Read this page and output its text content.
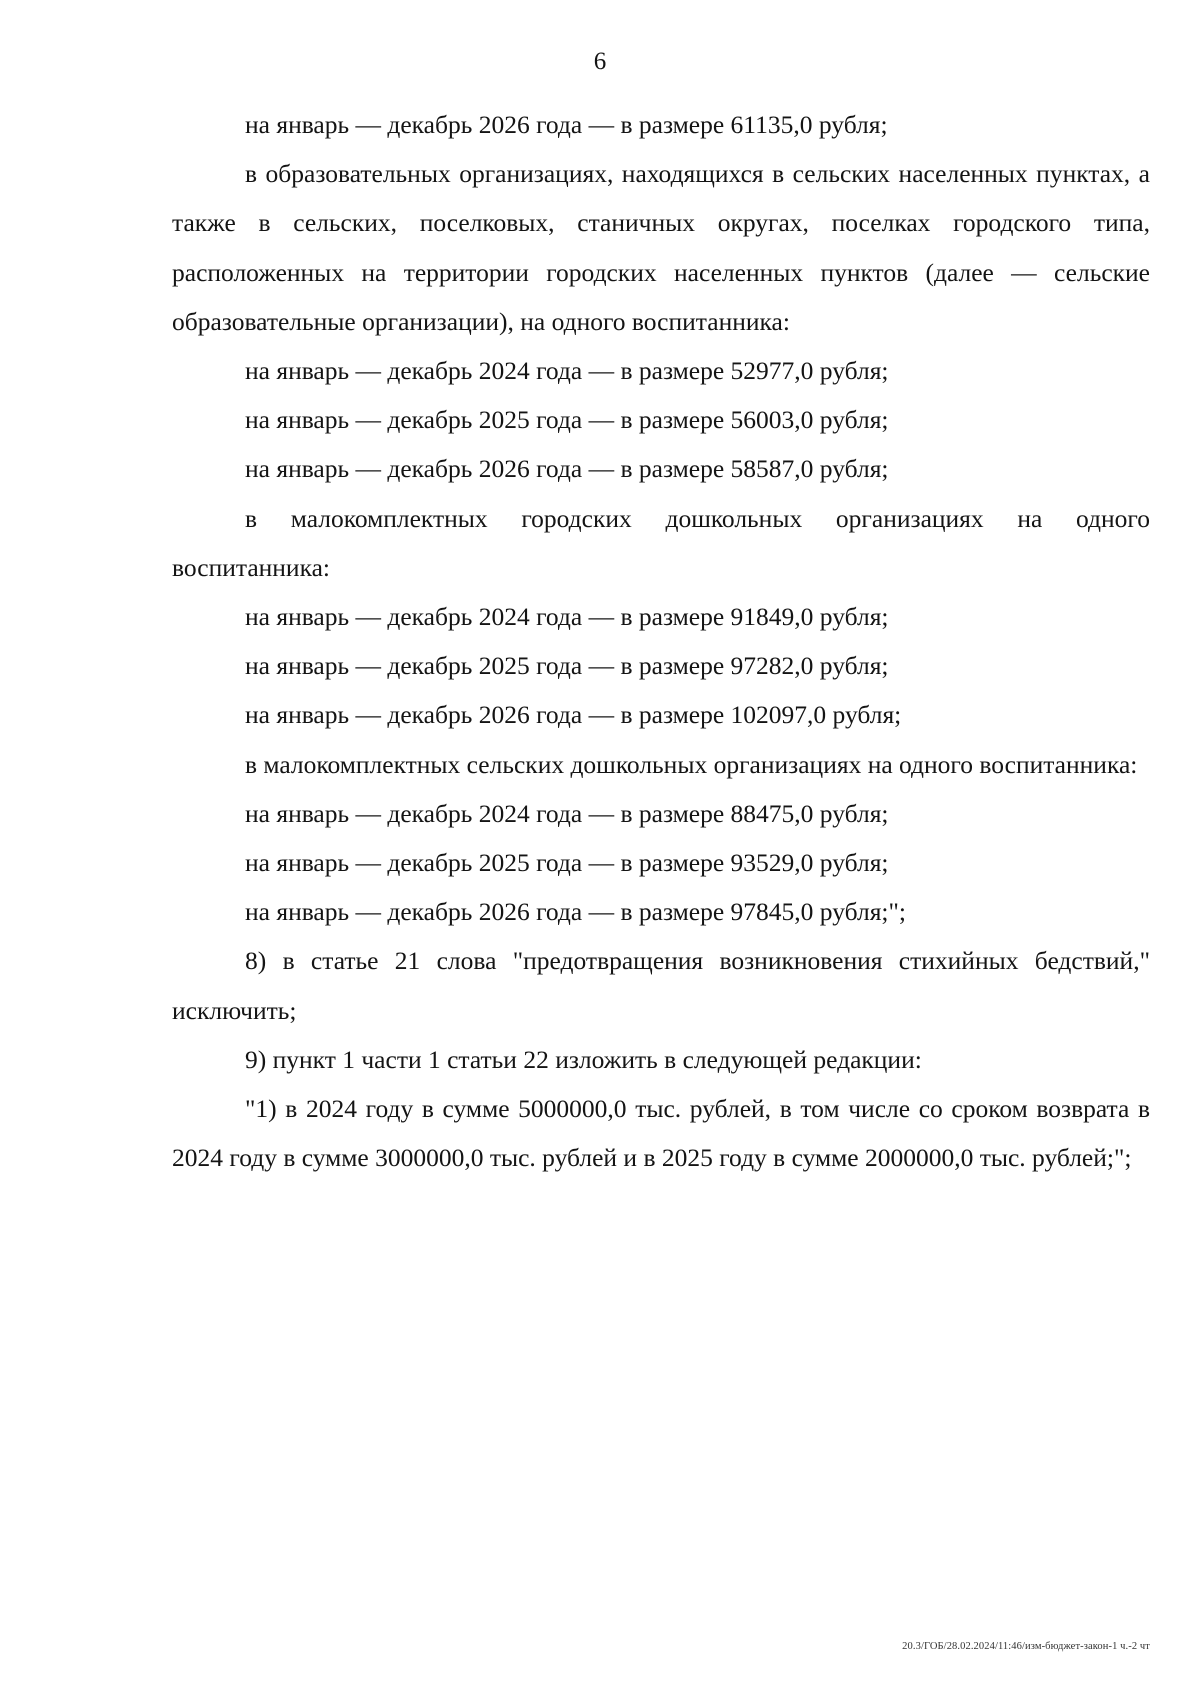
6

на январь — декабрь 2026 года — в размере 61135,0 рубля;

в образовательных организациях, находящихся в сельских населенных пунктах, а также в сельских, поселковых, станичных округах, поселках городского типа, расположенных на территории городских населенных пунктов (далее — сельские образовательные организации), на одного воспитанника:

на январь — декабрь 2024 года — в размере 52977,0 рубля;

на январь — декабрь 2025 года — в размере 56003,0 рубля;

на январь — декабрь 2026 года — в размере 58587,0 рубля;

в малокомплектных городских дошкольных организациях на одного воспитанника:

на январь — декабрь 2024 года — в размере 91849,0 рубля;

на январь — декабрь 2025 года — в размере 97282,0 рубля;

на январь — декабрь 2026 года — в размере 102097,0 рубля;

в малокомплектных сельских дошкольных организациях на одного воспитанника:

на январь — декабрь 2024 года — в размере 88475,0 рубля;

на январь — декабрь 2025 года — в размере 93529,0 рубля;

на январь — декабрь 2026 года — в размере 97845,0 рубля;";

8) в статье 21 слова "предотвращения возникновения стихийных бедствий," исключить;

9) пункт 1 части 1 статьи 22 изложить в следующей редакции:

"1) в 2024 году в сумме 5000000,0 тыс. рублей, в том числе со сроком возврата в 2024 году в сумме 3000000,0 тыс. рублей и в 2025 году в сумме 2000000,0 тыс. рублей;";

20.3/ГОБ/28.02.2024/11:46/изм-бюджет-закон-1 ч.-2 чт
